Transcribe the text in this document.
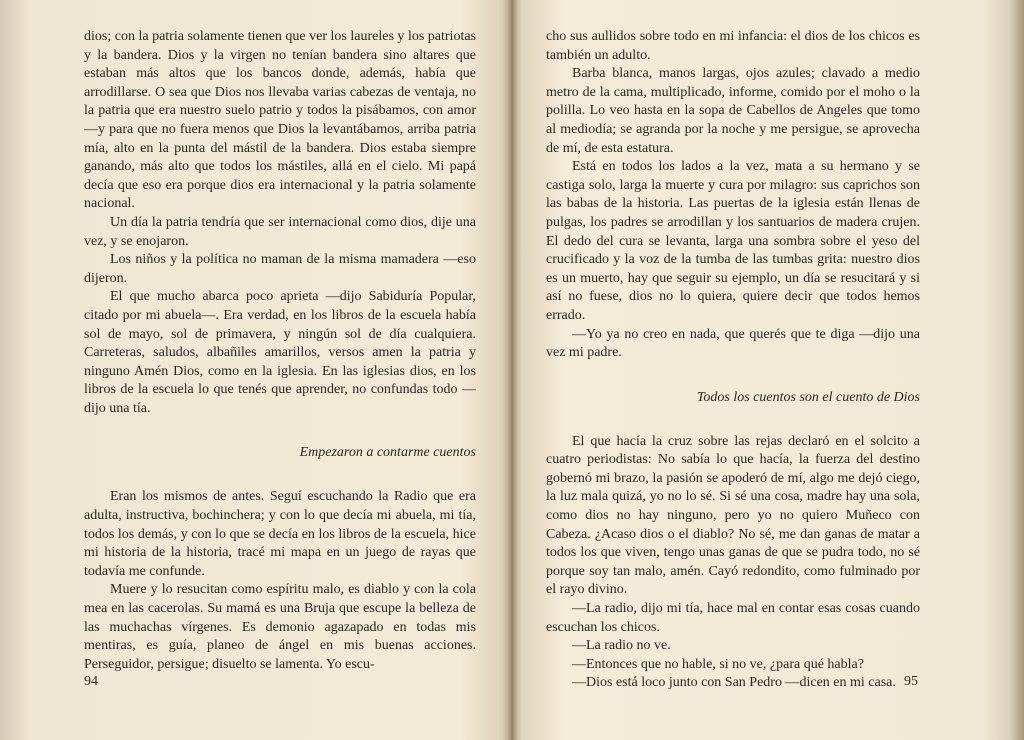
dios; con la patria solamente tienen que ver los laureles y los patriotas y la bandera. Dios y la virgen no tenían bandera sino altares que estaban más altos que los bancos donde, además, había que arrodillarse. O sea que Dios nos llevaba varias cabezas de ventaja, no la patria que era nuestro suelo patrio y todos la pisábamos, con amor —y para que no fuera menos que Dios la levantábamos, arriba patria mía, alto en la punta del mástil de la bandera. Dios estaba siempre ganando, más alto que todos los mástiles, allá en el cielo. Mi papá decía que eso era porque dios era internacional y la patria solamente nacional.

Un día la patria tendría que ser internacional como dios, dije una vez, y se enojaron.

Los niños y la política no maman de la misma mamadera —eso dijeron.

El que mucho abarca poco aprieta —dijo Sabiduría Popular, citado por mi abuela—. Era verdad, en los libros de la escuela había sol de mayo, sol de primavera, y ningún sol de día cualquiera. Carreteras, saludos, albañiles amarillos, versos amen la patria y ninguno Amén Dios, como en la iglesia. En las iglesias dios, en los libros de la escuela lo que tenés que aprender, no confundas todo —dijo una tía.

Empezaron a contarme cuentos

Eran los mismos de antes. Seguí escuchando la Radio que era adulta, instructiva, bochinchera; y con lo que decía mi abuela, mi tía, todos los demás, y con lo que se decía en los libros de la escuela, hice mi historia de la historia, tracé mi mapa en un juego de rayas que todavía me confunde.

Muere y lo resucitan como espíritu malo, es diablo y con la cola mea en las cacerolas. Su mamá es una Bruja que escupe la belleza de las muchachas vírgenes. Es demonio agazapado en todas mis mentiras, es guía, planeo de ángel en mis buenas acciones. Perseguidor, persigue; disuelto se lamenta. Yo escu-

94

cho sus aullidos sobre todo en mi infancia: el dios de los chicos es también un adulto.

Barba blanca, manos largas, ojos azules; clavado a medio metro de la cama, multiplicado, informe, comido por el moho o la polilla. Lo veo hasta en la sopa de Cabellos de Angeles que tomo al mediodía; se agranda por la noche y me persigue, se aprovecha de mí, de esta estatura.

Está en todos los lados a la vez, mata a su hermano y se castiga solo, larga la muerte y cura por milagro: sus caprichos son las babas de la historia. Las puertas de la iglesia están llenas de pulgas, los padres se arrodillan y los santuarios de madera crujen. El dedo del cura se levanta, larga una sombra sobre el yeso del crucificado y la voz de la tumba de las tumbas grita: nuestro dios es un muerto, hay que seguir su ejemplo, un día se resucitará y si así no fuese, dios no lo quiera, quiere decir que todos hemos errado.

—Yo ya no creo en nada, que querés que te diga —dijo una vez mi padre.

Todos los cuentos son el cuento de Dios

El que hacía la cruz sobre las rejas declaró en el solcito a cuatro periodistas: No sabía lo que hacía, la fuerza del destino gobernó mi brazo, la pasión se apoderó de mí, algo me dejó ciego, la luz mala quizá, yo no lo sé. Si sé una cosa, madre hay una sola, como dios no hay ninguno, pero yo no quiero Muñeco con Cabeza. ¿Acaso dios o el diablo? No sé, me dan ganas de matar a todos los que viven, tengo unas ganas de que se pudra todo, no sé porque soy tan malo, amén. Cayó redondito, como fulminado por el rayo divino.

—La radio, dijo mi tía, hace mal en contar esas cosas cuando escuchan los chicos.

—La radio no ve.

—Entonces que no hable, si no ve, ¿para qué habla?

—Dios está loco junto con San Pedro —dicen en mi casa. 95
